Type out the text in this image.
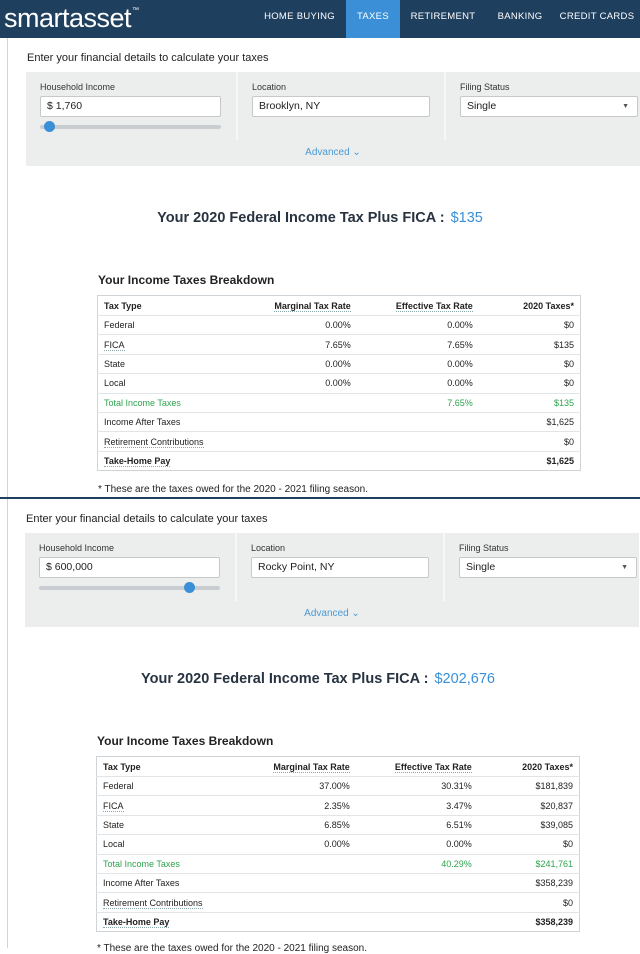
smartasset™
HOME BUYING	TAXES	RETIREMENT	BANKING	CREDIT CARDS
Enter your financial details to calculate your taxes
Household Income
$ 1,760
Location
Brooklyn, NY
Filing Status
Single	▼
Advanced ⌄
Your 2020 Federal Income Tax Plus FICA : $135
Your Income Taxes Breakdown
Tax Type	Marginal Tax Rate	Effective Tax Rate	2020 Taxes*
Federal	0.00%	0.00%	$0
FICA	7.65%	7.65%	$135
State	0.00%	0.00%	$0
Local	0.00%	0.00%	$0
Total Income Taxes		7.65%	$135
Income After Taxes			$1,625
Retirement Contributions			$0
Take-Home Pay			$1,625
* These are the taxes owed for the 2020 - 2021 filing season.
Enter your financial details to calculate your taxes
Household Income
$ 600,000
Location
Rocky Point, NY
Filing Status
Single	▼
Advanced ⌄
Your 2020 Federal Income Tax Plus FICA : $202,676
Your Income Taxes Breakdown
Tax Type	Marginal Tax Rate	Effective Tax Rate	2020 Taxes*
Federal	37.00%	30.31%	$181,839
FICA	2.35%	3.47%	$20,837
State	6.85%	6.51%	$39,085
Local	0.00%	0.00%	$0
Total Income Taxes		40.29%	$241,761
Income After Taxes			$358,239
Retirement Contributions			$0
Take-Home Pay			$358,239
* These are the taxes owed for the 2020 - 2021 filing season.
